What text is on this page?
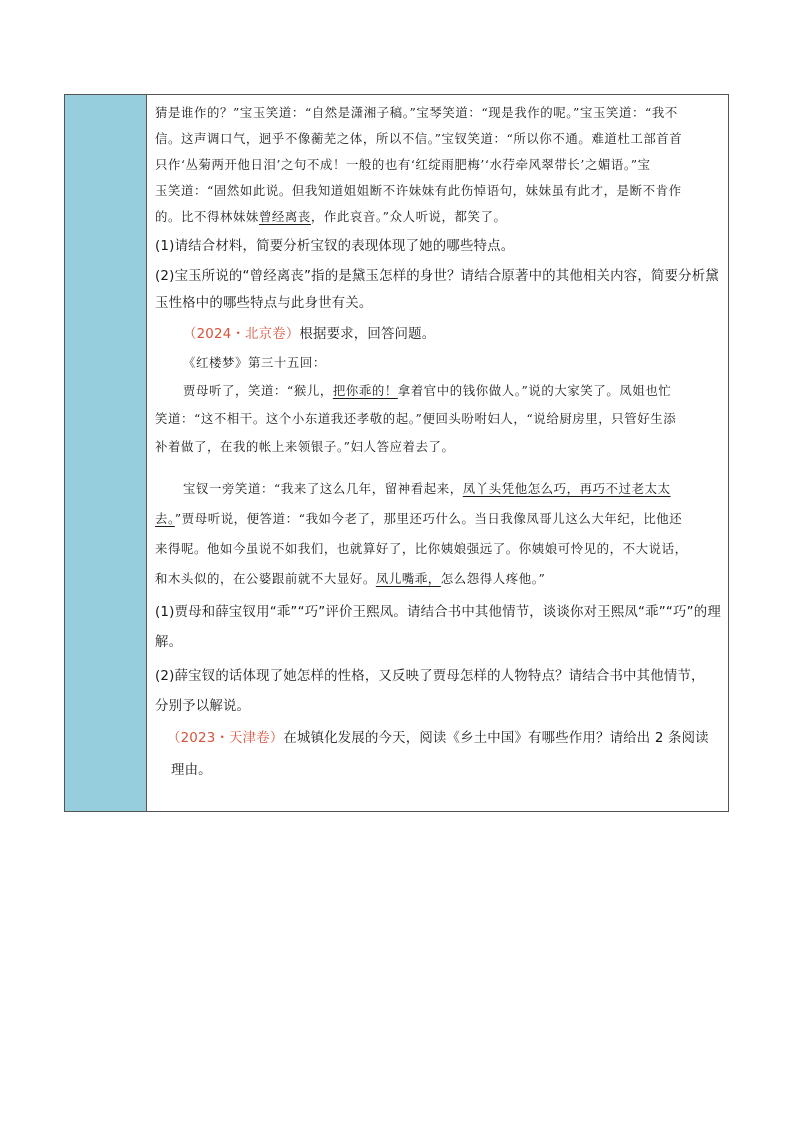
猜是谁作的？”宝玉笑道：“自然是潇湘子稿。”宝琴笑道：“现是我作的呢。”宝玉笑道：“我不
信。这声调口气，迥乎不像蘅芜之体，所以不信。”宝钗笑道：“所以你不通。难道杜工部首首
只作‘丛菊两开他日泪’之句不成！一般的也有‘红绽雨肥梅’‘水荇牵风翠带长’之媚语。”宝
玉笑道：“固然如此说。但我知道姐姐断不许妹妹有此伤悼语句，妹妹虽有此才，是断不肯作
的。比不得林妹妹曾经离丧，作此哀音。”众人听说，都笑了。
(1)请结合材料，简要分析宝钗的表现体现了她的哪些特点。
(2)宝玉所说的“曾经离丧”指的是黛玉怎样的身世？请结合原著中的其他相关内容，简要分析黛
玉性格中的哪些特点与此身世有关。
（2024・北京卷）根据要求，回答问题。
《红楼梦》第三十五回：
贾母听了，笑道：“猴儿，把你乖的！拿着官中的钱你做人。”说的大家笑了。凤姐也忙
笑道：“这不相干。这个小东道我还孝敬的起。”便回头吩咐妇人，“说给厨房里，只管好生添
补着做了，在我的帐上来领银子。”妇人答应着去了。
宝钗一旁笑道：“我来了这么几年，留神看起来，凤丫头凭他怎么巧，再巧不过老太太
去。”贾母听说，便答道：“我如今老了，那里还巧什么。当日我像凤哥儿这么大年纪，比他还
来得呢。他如今虽说不如我们，也就算好了，比你姨娘强远了。你姨娘可怜见的，不大说话，
和木头似的，在公婆跟前就不大显好。凤儿嘴乖，怎么怨得人疼他。”
(1)贾母和薛宝钗用“乖”“巧”评价王熙凤。请结合书中其他情节，谈谈你对王熙凤“乖”“巧”的理
解。
(2)薛宝钗的话体现了她怎样的性格，又反映了贾母怎样的人物特点？请结合书中其他情节，
分别予以解说。
（2023・天津卷）在城镇化发展的今天，阅读《乡土中国》有哪些作用？请给出 2 条阅读
理由。
